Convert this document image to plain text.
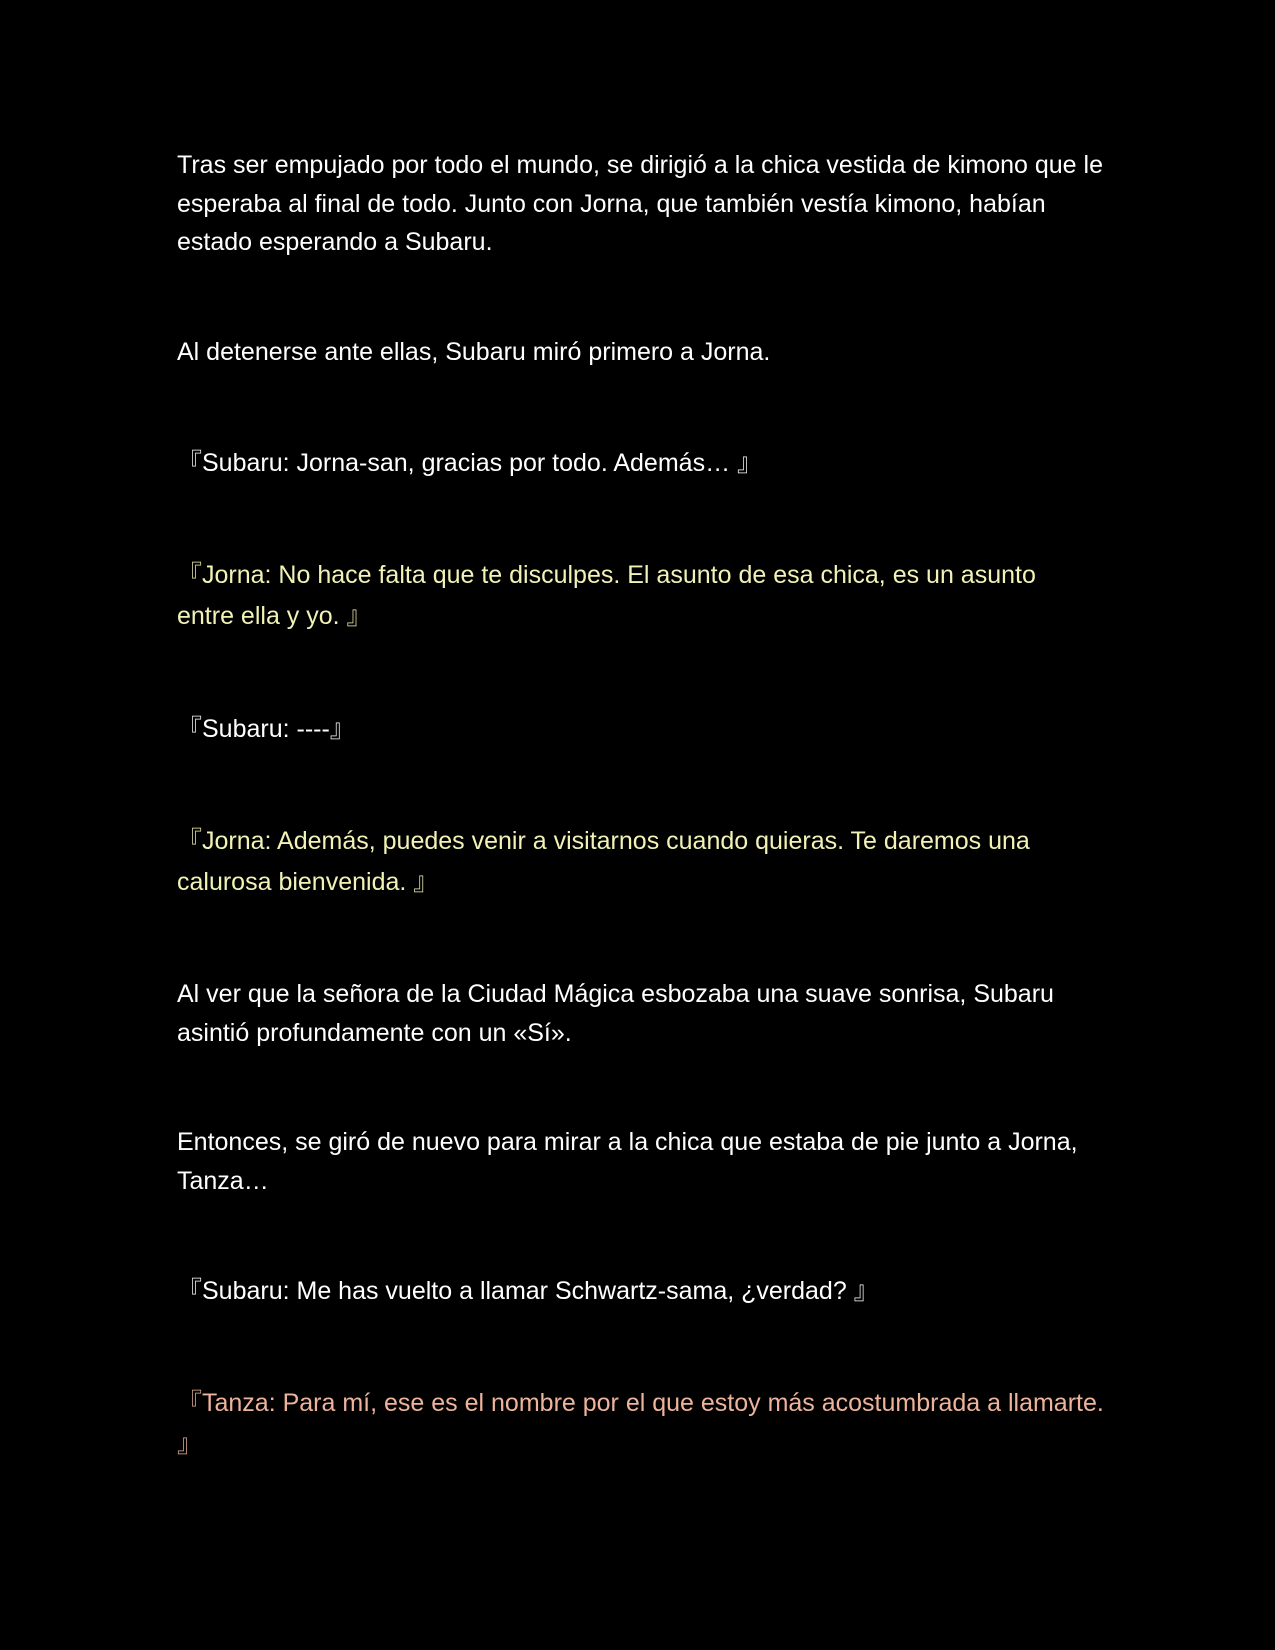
Tras ser empujado por todo el mundo, se dirigió a la chica vestida de kimono que le esperaba al final de todo. Junto con Jorna, que también vestía kimono, habían estado esperando a Subaru.

Al detenerse ante ellas, Subaru miró primero a Jorna.

『Subaru: Jorna-san, gracias por todo. Además… 』

『Jorna: No hace falta que te disculpes. El asunto de esa chica, es un asunto entre ella y yo. 』

『Subaru: ----』

『Jorna: Además, puedes venir a visitarnos cuando quieras. Te daremos una calurosa bienvenida. 』

Al ver que la señora de la Ciudad Mágica esbozaba una suave sonrisa, Subaru asintió profundamente con un «Sí».

Entonces, se giró de nuevo para mirar a la chica que estaba de pie junto a Jorna, Tanza…

『Subaru: Me has vuelto a llamar Schwartz-sama, ¿verdad? 』

『Tanza: Para mí, ese es el nombre por el que estoy más acostumbrada a llamarte. 』
